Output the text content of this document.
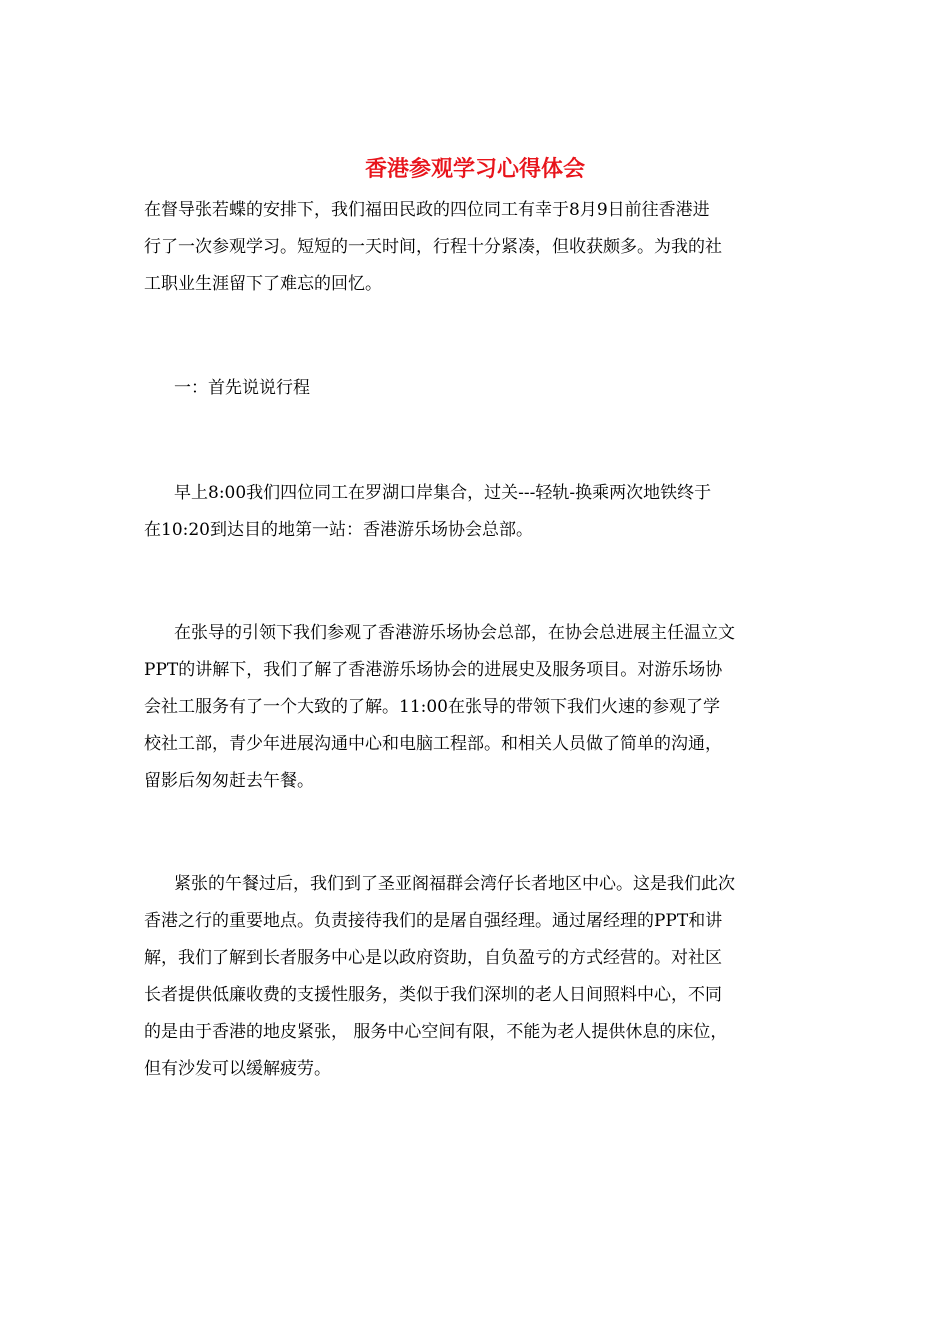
香港参观学习心得体会
在督导张若蝶的安排下，我们福田民政的四位同工有幸于8月9日前往香港进
行了一次参观学习。短短的一天时间，行程十分紧凑，但收获颇多。为我的社
工职业生涯留下了难忘的回忆。
一：首先说说行程
早上8:00我们四位同工在罗湖口岸集合，过关---轻轨-换乘两次地铁终于
在10:20到达目的地第一站：香港游乐场协会总部。
在张导的引领下我们参观了香港游乐场协会总部，在协会总进展主任温立文
PPT的讲解下，我们了解了香港游乐场协会的进展史及服务项目。对游乐场协
会社工服务有了一个大致的了解。11:00在张导的带领下我们火速的参观了学
校社工部，青少年进展沟通中心和电脑工程部。和相关人员做了简单的沟通，
留影后匆匆赶去午餐。
紧张的午餐过后，我们到了圣亚阁福群会湾仔长者地区中心。这是我们此次
香港之行的重要地点。负责接待我们的是屠自强经理。通过屠经理的PPT和讲
解，我们了解到长者服务中心是以政府资助，自负盈亏的方式经营的。对社区
长者提供低廉收费的支援性服务，类似于我们深圳的老人日间照料中心，不同
的是由于香港的地皮紧张， 服务中心空间有限，不能为老人提供休息的床位，
但有沙发可以缓解疲劳。
